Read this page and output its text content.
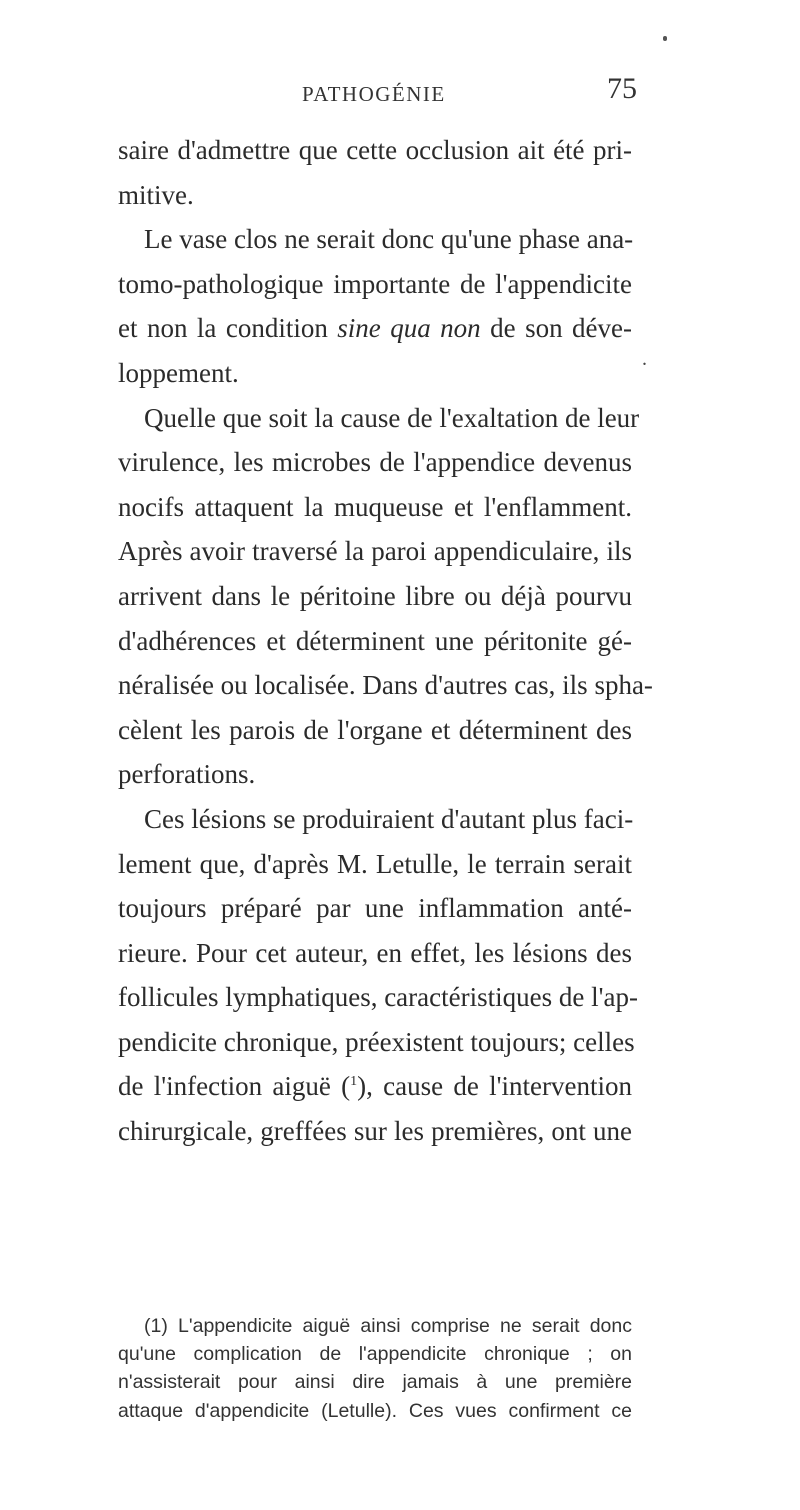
PATHOGÉNIE	75
.
saire d'admettre que cette occlusion ait été pri-
mitive.
Le vase clos ne serait donc qu'une phase ana-
tomo-pathologique importante de l'appendicite
et non la condition sine qua non de son déve-
loppement.
Quelle que soit la cause de l'exaltation de leur
virulence, les microbes de l'appendice devenus
nocifs attaquent la muqueuse et l'enflamment.
Après avoir traversé la paroi appendiculaire, ils
arrivent dans le péritoine libre ou déjà pourvu
d'adhérences et déterminent une péritonite gé-
néralisée ou localisée. Dans d'autres cas, ils spha-
cèlent les parois de l'organe et déterminent des
perforations.
Ces lésions se produiraient d'autant plus faci-
lement que, d'après M. Letulle, le terrain serait
toujours préparé par une inflammation anté-
rieure. Pour cet auteur, en effet, les lésions des
follicules lymphatiques, caractéristiques de l'ap-
pendicite chronique, préexistent toujours; celles
de l'infection aiguë ($^1$), cause de l'intervention
chirurgicale, greffées sur les premières, ont une
(1) L'appendicite aiguë ainsi comprise ne serait donc
qu'une complication de l'appendicite chronique ; on
n'assisterait pour ainsi dire jamais à une première
attaque d'appendicite (Letulle). Ces vues confirment ce
